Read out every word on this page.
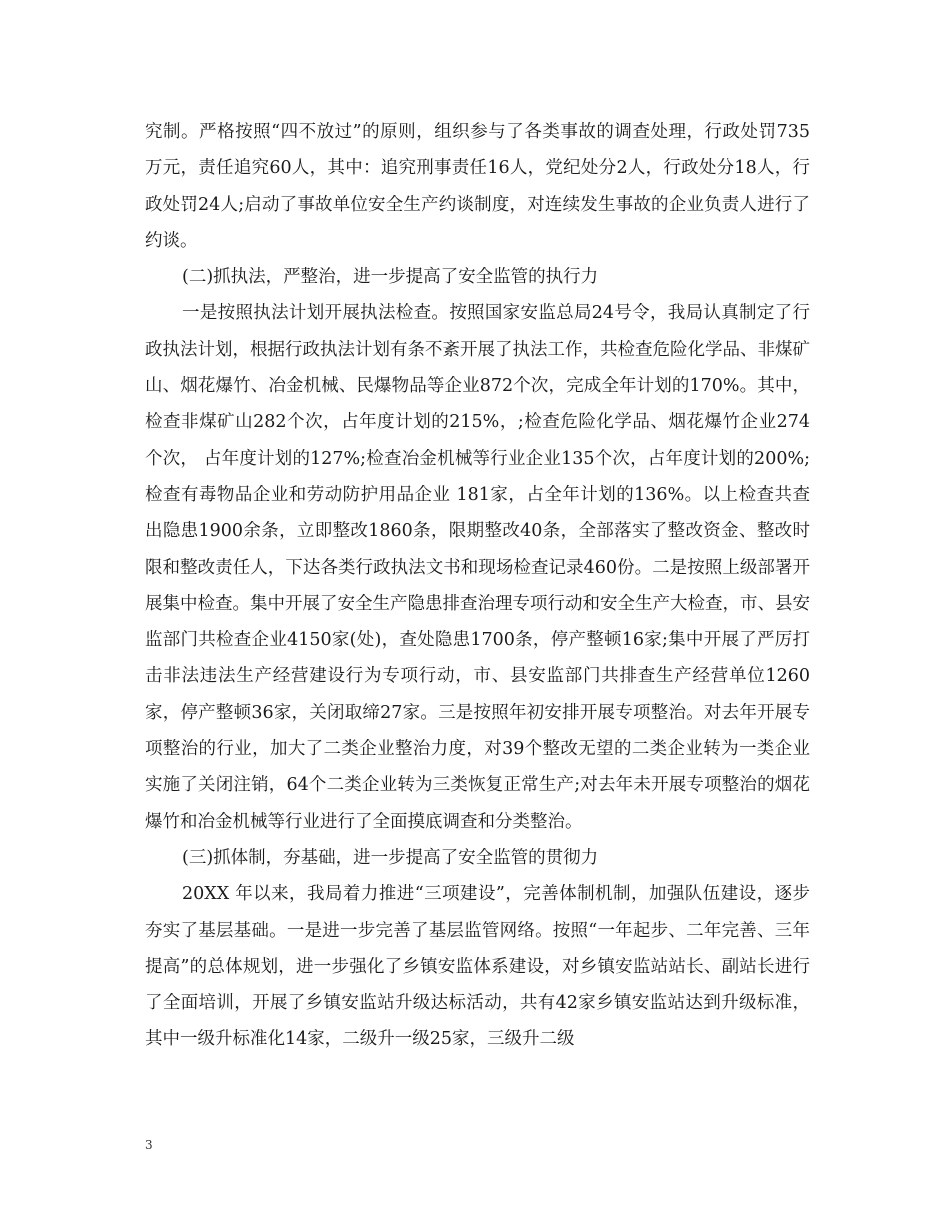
究制。严格按照“四不放过”的原则，组织参与了各类事故的调查处理，行政处罚735 万元，责任追究60人，其中：追究刑事责任16人，党纪处分2人，行政处分18人，行政处罚24人;启动了事故单位安全生产约谈制度，对连续发生事故的企业负责人进行了约谈。

(二)抓执法，严整治，进一步提高了安全监管的执行力

一是按照执法计划开展执法检查。按照国家安监总局24号令，我局认真制定了行政执法计划，根据行政执法计划有条不紊开展了执法工作，共检查危险化学品、非煤矿山、烟花爆竹、冶金机械、民爆物品等企业872个次，完成全年计划的170%。其中，检查非煤矿山282个次，占年度计划的215%，;检查危险化学品、烟花爆竹企业274个次， 占年度计划的127%;检查冶金机械等行业企业135个次，占年度计划的200%;检查有毒物品企业和劳动防护用品企业 181家，占全年计划的136%。以上检查共查出隐患1900余条，立即整改1860条，限期整改40条，全部落实了整改资金、整改时限和整改责任人，下达各类行政执法文书和现场检查记录460份。二是按照上级部署开展集中检查。集中开展了安全生产隐患排查治理专项行动和安全生产大检查，市、县安监部门共检查企业4150家(处)，查处隐患1700条，停产整顿16家;集中开展了严厉打击非法违法生产经营建设行为专项行动，市、县安监部门共排查生产经营单位1260家，停产整顿36家，关闭取缔27家。三是按照年初安排开展专项整治。对去年开展专项整治的行业，加大了二类企业整治力度，对39个整改无望的二类企业转为一类企业实施了关闭注销，64个二类企业转为三类恢复正常生产;对去年未开展专项整治的烟花爆竹和冶金机械等行业进行了全面摸底调查和分类整治。

(三)抓体制，夯基础，进一步提高了安全监管的贯彻力

20XX 年以来，我局着力推进“三项建设”，完善体制机制，加强队伍建设，逐步夯实了基层基础。一是进一步完善了基层监管网络。按照“一年起步、二年完善、三年提高”的总体规划，进一步强化了乡镇安监体系建设，对乡镇安监站站长、副站长进行了全面培训，开展了乡镇安监站升级达标活动，共有42家乡镇安监站达到升级标准，其中一级升标准化14家，二级升一级25家，三级升二级

3
